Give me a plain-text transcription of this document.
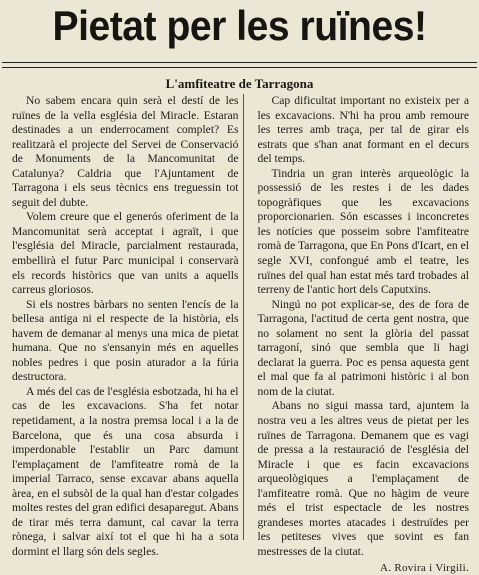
Pietat per les ruïnes!
L'amfiteatre de Tarragona

No sabem encara quin serà el destí de les ruïnes de la vella església del Miracle. Estaran destinades a un enderrocament complet? Es realitzarà el projecte del Servei de Conservació de Monuments de la Mancomunitat de Catalunya? Caldria que l'Ajuntament de Tarragona i els seus tècnics ens treguessin tot seguit del dubte.

Volem creure que el generós oferiment de la Mancomunitat serà acceptat i agraït, i que l'església del Miracle, parcialment restaurada, embellirà el futur Parc municipal i conservarà els records històrics que van units a aquells carreus gloriosos.

Si els nostres bàrbars no senten l'encís de la bellesa antiga ni el respecte de la història, els havem de demanar al menys una mica de pietat humana. Que no s'ensanyin més en aquelles nobles pedres i que posin aturador a la fúria destructora.

A més del cas de l'església esbotzada, hi ha el cas de les excavacions. S'ha fet notar repetidament, a la nostra premsa local i a la de Barcelona, que és una cosa absurda i imperdonable l'establir un Parc damunt l'emplaçament de l'amfiteatre romà de la imperial Tarraco, sense excavar abans aquella àrea, en el subsòl de la qual han d'estar colgades moltes restes del gran edifici desaparegut. Abans de tirar més terra damunt, cal cavar la terra rònega, i salvar així tot el que hi ha a sota dormint el llarg són dels segles.

Cap dificultat important no existeix per a les excavacions. N'hi ha prou amb remoure les terres amb traça, per tal de girar els estrats que s'han anat formant en el decurs del temps.

Tindria un gran interès arqueològic la possessió de les restes i de les dades topogràfiques que les excavacions proporcionarien. Són escasses i inconcretes les notícies que posseim sobre l'amfiteatre romà de Tarragona, que En Pons d'Icart, en el segle XVI, confongué amb el teatre, les ruïnes del qual han estat més tard trobades al terreny de l'antic hort dels Caputxins.

Ningú no pot explicar-se, des de fora de Tarragona, l'actitud de certa gent nostra, que no solament no sent la glòria del passat tarragoní, sinó que sembla que li hagi declarat la guerra. Poc es pensa aquesta gent el mal que fa al patrimoni històric i al bon nom de la ciutat.

Abans no sigui massa tard, ajuntem la nostra veu a les altres veus de pietat per les ruïnes de Tarragona. Demanem que es vagi de pressa a la restauració de l'església del Miracle i que es facin excavacions arqueològiques a l'emplaçament de l'amfiteatre romà. Que no hàgim de veure més el trist espectacle de les nostres grandeses mortes atacades i destruïdes per les petiteses vives que sovint es fan mestresses de la ciutat.

A. Rovira i Virgili.
